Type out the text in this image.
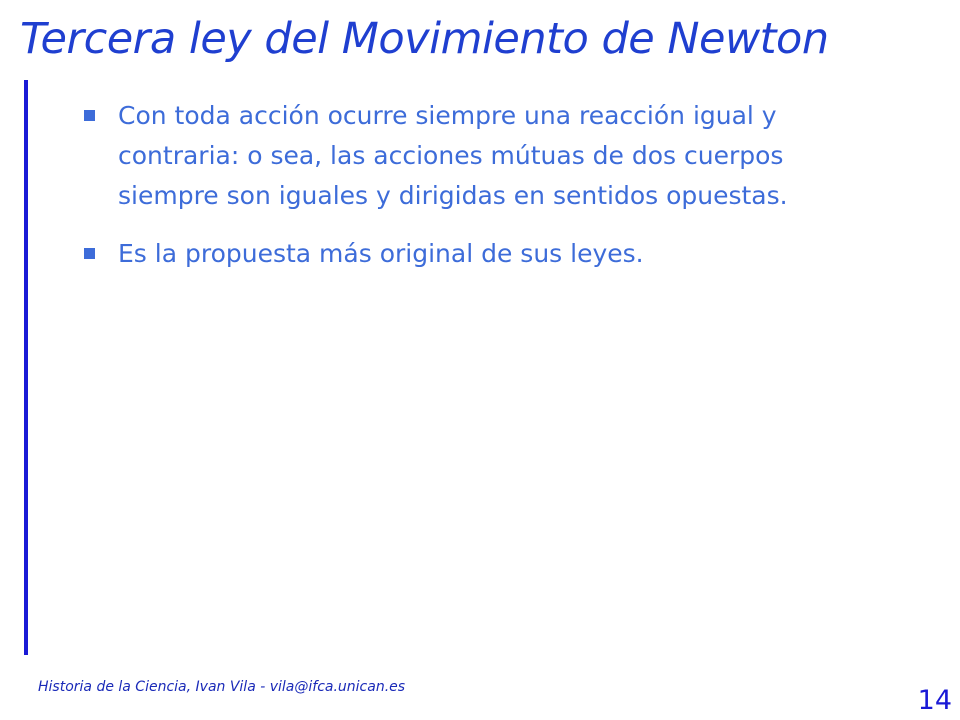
Tercera ley del Movimiento de Newton
Con toda acción ocurre siempre una reacción igual y contraria: o sea, las acciones mútuas de dos cuerpos siempre son iguales y dirigidas en sentidos opuestas.
Es la propuesta más original de sus leyes.
Historia de la Ciencia, Ivan Vila - vila@ifca.unican.es	14
